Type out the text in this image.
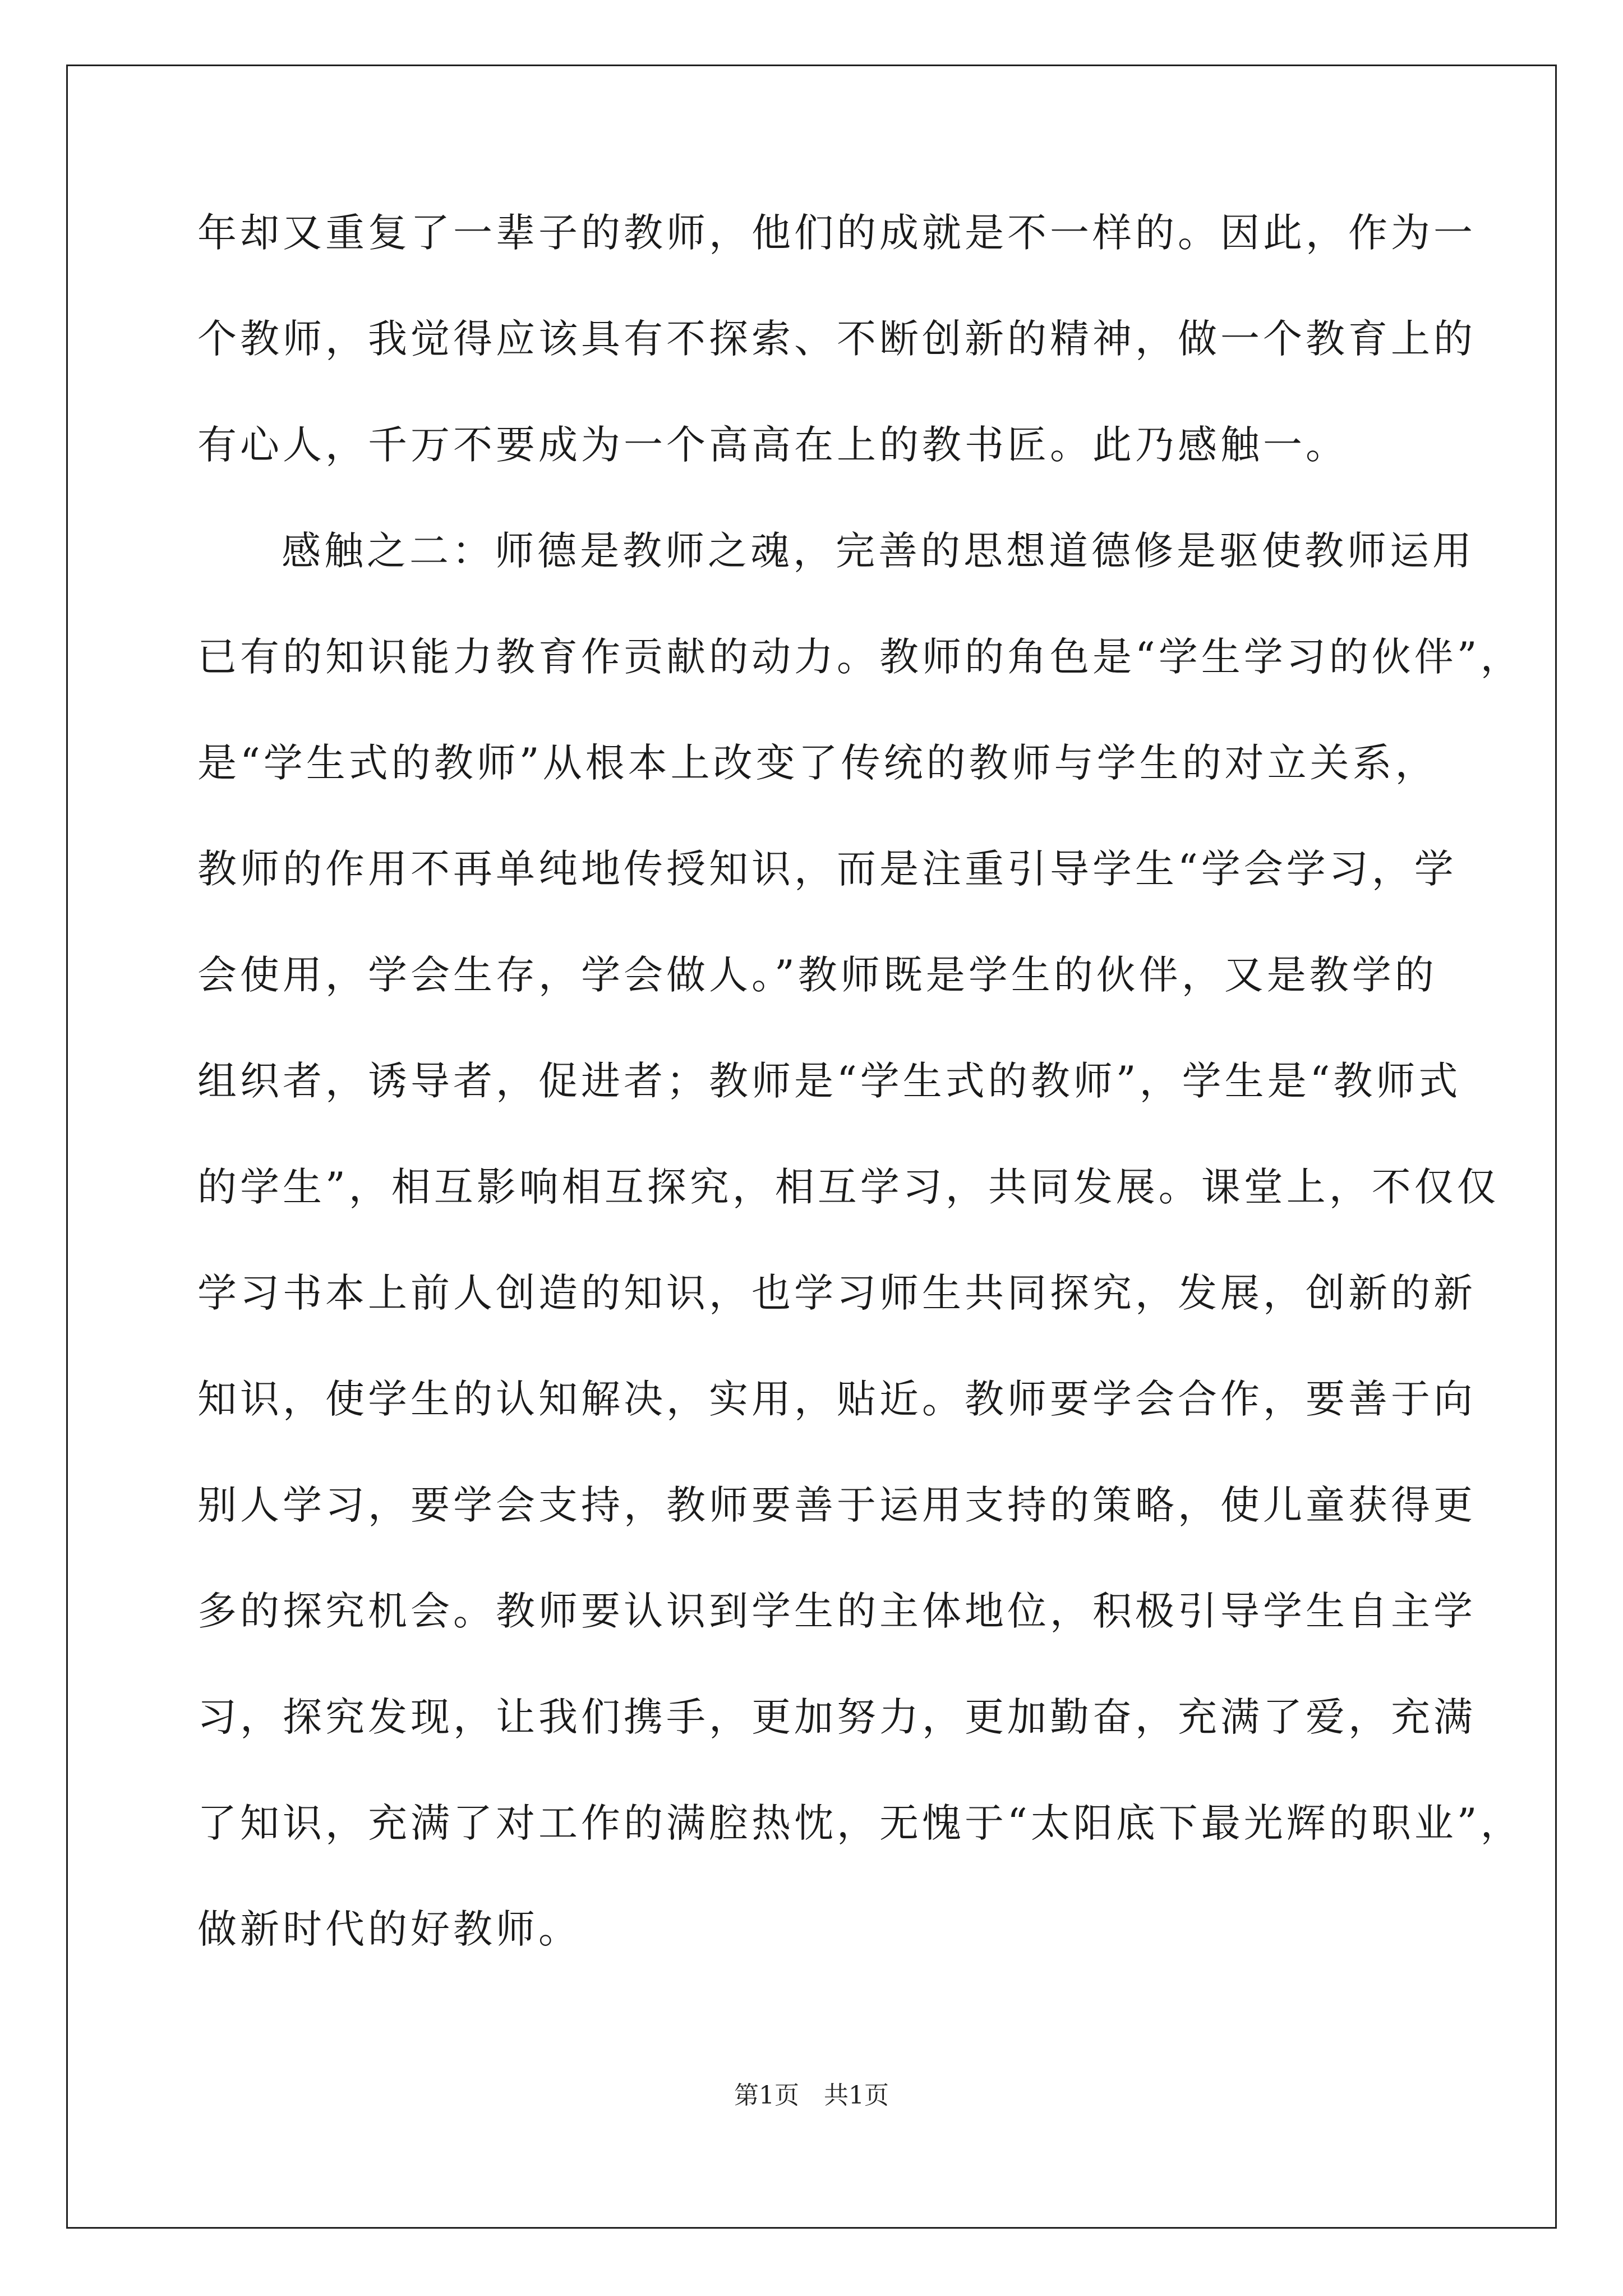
年却又重复了一辈子的教师，他们的成就是不一样的。因此，作为一
个教师，我觉得应该具有不探索、不断创新的精神，做一个教育上的
有心人，千万不要成为一个高高在上的教书匠。此乃感触一。
感触之二：师德是教师之魂，完善的思想道德修是驱使教师运用
已有的知识能力教育作贡献的动力。教师的角色是“学生学习的伙伴”，
是“学生式的教师”从根本上改变了传统的教师与学生的对立关系，
教师的作用不再单纯地传授知识，而是注重引导学生“学会学习，学
会使用，学会生存，学会做人。”教师既是学生的伙伴，又是教学的
组织者，诱导者，促进者；教师是“学生式的教师”，学生是“教师式
的学生”，相互影响相互探究，相互学习，共同发展。课堂上，不仅仅
学习书本上前人创造的知识，也学习师生共同探究，发展，创新的新
知识，使学生的认知解决，实用，贴近。教师要学会合作，要善于向
别人学习，要学会支持，教师要善于运用支持的策略，使儿童获得更
多的探究机会。教师要认识到学生的主体地位，积极引导学生自主学
习，探究发现，让我们携手，更加努力，更加勤奋，充满了爱，充满
了知识，充满了对工作的满腔热忱，无愧于“太阳底下最光辉的职业”，
做新时代的好教师。
第1页　共1页
